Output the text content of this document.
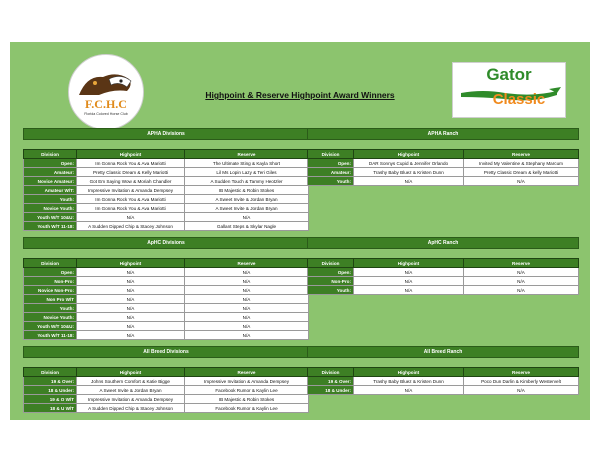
F.C.H.C
Florida Colored Horse Club
Highpoint & Reserve Highpoint Award Winners
Gator
Classic
APHA Divisions
Division	Highpoint	Reserve
Open:	Im Gonna Rock You & Ava Mariotti	The Ultimate Sting & Kayla Short
Amateur:	Pretty Classic Dream & Kelly Mariotti	Lil Ms Lopin Lazy & Teri Giles
Novice Amateur:	Got Em Saying Wow & Moriah Chandler	A Sudden Touch & Tammy Heotzler
Amateur W/T:	Impressive Invitation & Amanda Dempsey	IB Majestic & Robin Stokes
Youth:	Im Gonna Rock You & Ava Mariotti	A Sweet Invite & Jordan Bryan
Novice Youth:	Im Gonna Rock You & Ava Mariotti	A Sweet Invite & Jordan Bryan
Youth W/T 10&U:	N/A	N/A
Youth W/T 11-18:	A Sudden Dipped Chip & Stacey Johnson	Gallant Steps & Skylar Nagle
APHA Ranch
Division	Highpoint	Reserve
Open:	DAR Sonnys Cupid & Jennifer Orlando	Invited My Valentine & Stephany Marcum
Amateur:	Trashy Baby Bluez & Kristen Dunn	Pretty Classic Dream & kelly Mariotti
Youth:	N/A	N/A
ApHC Divisions
Division	Highpoint	Reserve
Open:	N/A	N/A
Non-Pro:	N/A	N/A
Novice Non-Pro:	N/A	N/A
Non Pro W/T	N/A	N/A
Youth:	N/A	N/A
Novice Youth:	N/A	N/A
Youth W/T 10&U:	N/A	N/A
Youth W/T 11-18:	N/A	N/A
ApHC Ranch
Division	Highpoint	Reserve
Open:	N/A	N/A
Non-Pro:	N/A	N/A
Youth:	N/A	N/A
All Breed Divisions
Division	Highpoint	Reserve
19 & Over:	Johns Southern Comfort & Katie Bigge	Impressive Invitation & Amanda Dempsey
18 & Under:	A Sweet Invite & Jordan Bryan	Facebook Rumor & Kaylin Lee
19 & O W/T	Impressive Invitation & Amanda Dempsey	IB Majestic & Robin Stokes
18 & U W/T	A Sudden Dipped Chip & Stacey Johnson	Facebook Rumor & Kaylin Lee
All Breed Ranch
Division	Highpoint	Reserve
19 & Over:	Trashy Baby Bluez & Kristen Dunn	Poco Dun Darlin & Kimberly Westervelt
18 & Under:	N/A	N/A
